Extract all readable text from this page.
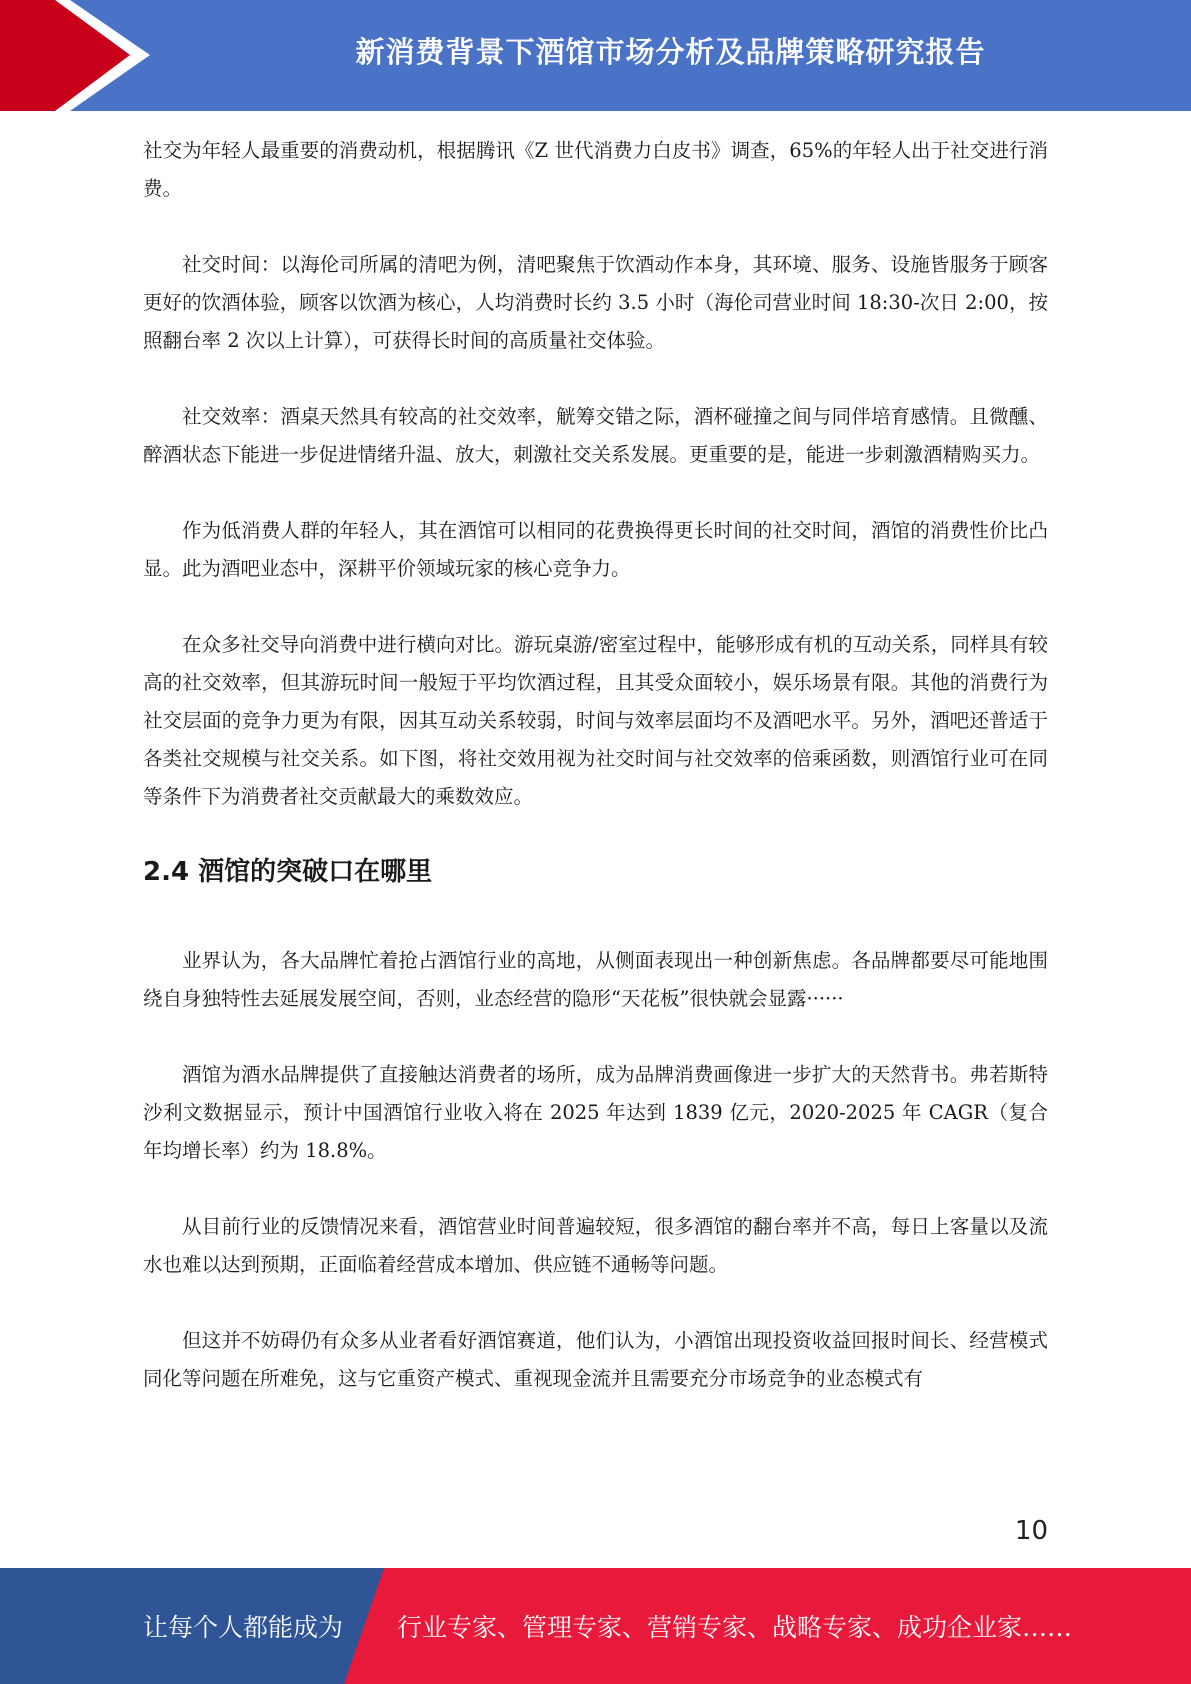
新消费背景下酒馆市场分析及品牌策略研究报告

社交为年轻人最重要的消费动机，根据腾讯《Z 世代消费力白皮书》调查，65%的年轻人出于社交进行消费。

社交时间：以海伦司所属的清吧为例，清吧聚焦于饮酒动作本身，其环境、服务、设施皆服务于顾客更好的饮酒体验，顾客以饮酒为核心，人均消费时长约 3.5 小时（海伦司营业时间 18:30-次日 2:00，按照翻台率 2 次以上计算），可获得长时间的高质量社交体验。

社交效率：酒桌天然具有较高的社交效率，觥筹交错之际，酒杯碰撞之间与同伴培育感情。且微醺、醉酒状态下能进一步促进情绪升温、放大，刺激社交关系发展。更重要的是，能进一步刺激酒精购买力。

作为低消费人群的年轻人，其在酒馆可以相同的花费换得更长时间的社交时间，酒馆的消费性价比凸显。此为酒吧业态中，深耕平价领域玩家的核心竞争力。

在众多社交导向消费中进行横向对比。游玩桌游/密室过程中，能够形成有机的互动关系，同样具有较高的社交效率，但其游玩时间一般短于平均饮酒过程，且其受众面较小，娱乐场景有限。其他的消费行为社交层面的竞争力更为有限，因其互动关系较弱，时间与效率层面均不及酒吧水平。另外，酒吧还普适于各类社交规模与社交关系。如下图，将社交效用视为社交时间与社交效率的倍乘函数，则酒馆行业可在同等条件下为消费者社交贡献最大的乘数效应。

2.4 酒馆的突破口在哪里

业界认为，各大品牌忙着抢占酒馆行业的高地，从侧面表现出一种创新焦虑。各品牌都要尽可能地围绕自身独特性去延展发展空间，否则，业态经营的隐形“天花板”很快就会显露······

酒馆为酒水品牌提供了直接触达消费者的场所，成为品牌消费画像进一步扩大的天然背书。弗若斯特沙利文数据显示，预计中国酒馆行业收入将在 2025 年达到 1839 亿元，2020-2025 年 CAGR（复合年均增长率）约为 18.8%。

从目前行业的反馈情况来看，酒馆营业时间普遍较短，很多酒馆的翻台率并不高，每日上客量以及流水也难以达到预期，正面临着经营成本增加、供应链不通畅等问题。

但这并不妨碍仍有众多从业者看好酒馆赛道，他们认为，小酒馆出现投资收益回报时间长、经营模式同化等问题在所难免，这与它重资产模式、重视现金流并且需要充分市场竞争的业态模式有

10
让每个人都能成为 行业专家、管理专家、营销专家、战略专家、成功企业家……
